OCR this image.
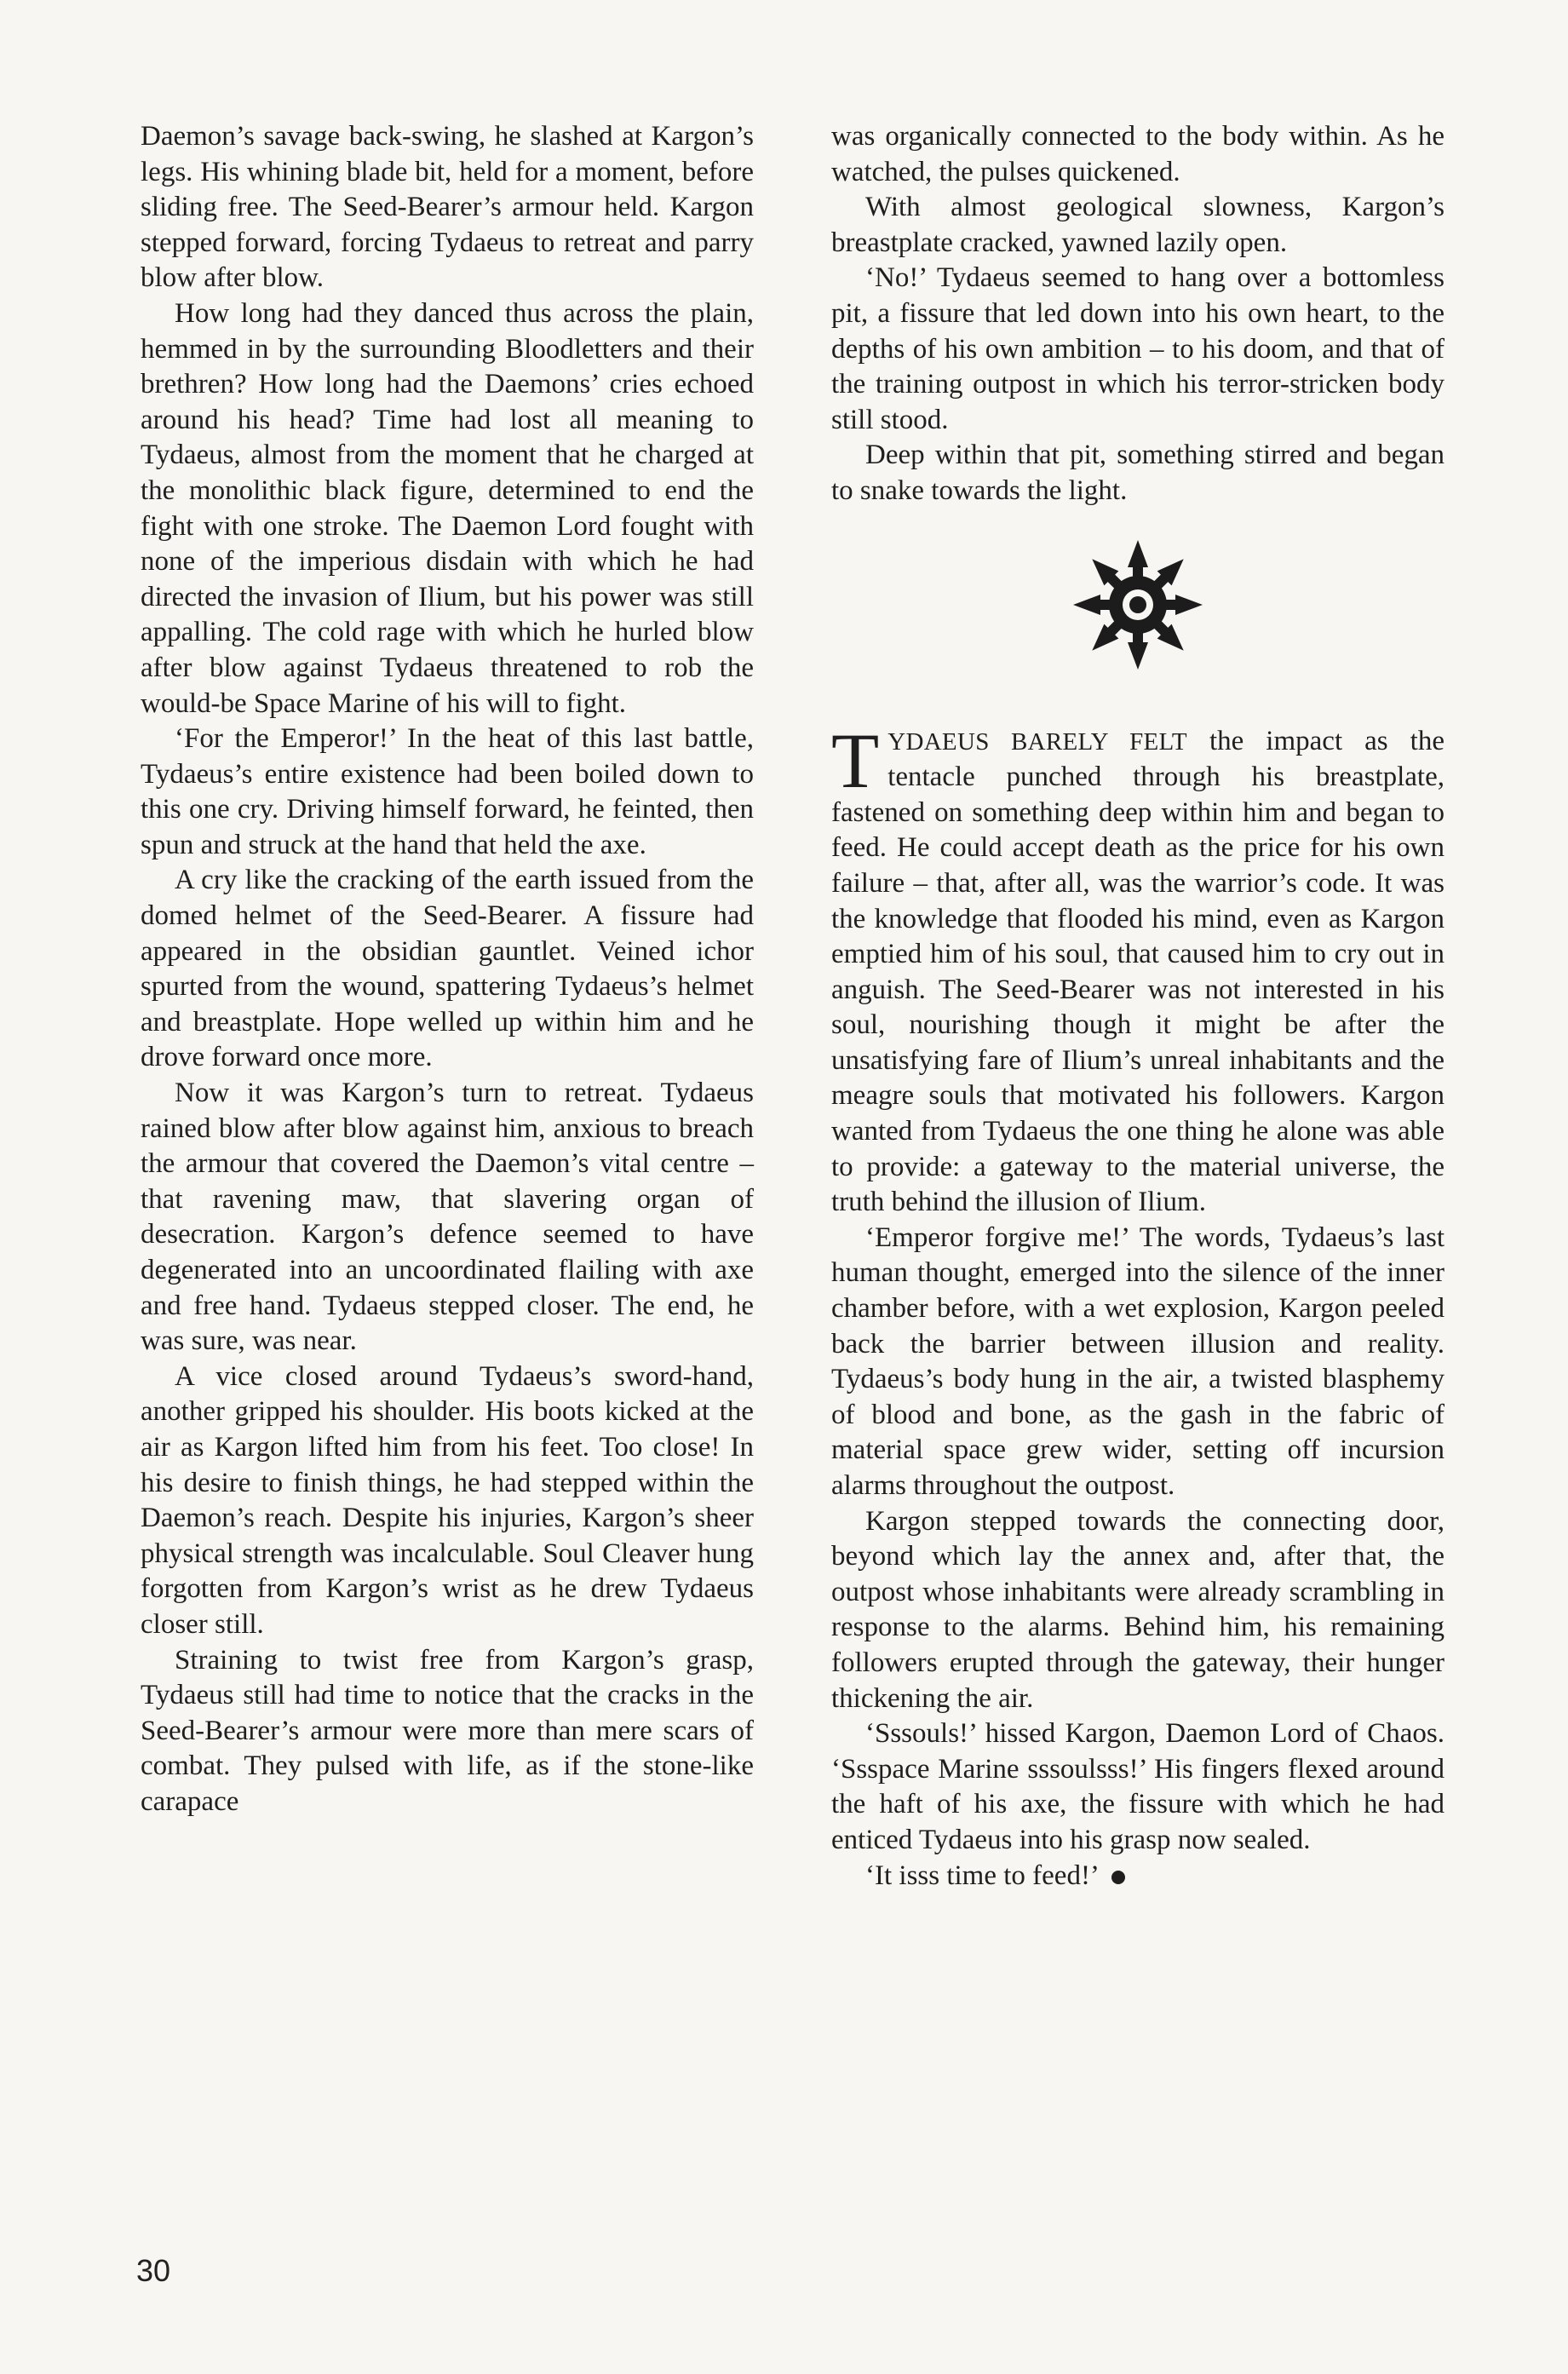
Daemon’s savage back-swing, he slashed at Kargon’s legs. His whining blade bit, held for a moment, before sliding free. The Seed-Bearer’s armour held. Kargon stepped forward, forcing Tydaeus to retreat and parry blow after blow.

How long had they danced thus across the plain, hemmed in by the surrounding Bloodletters and their brethren? How long had the Daemons’ cries echoed around his head? Time had lost all meaning to Tydaeus, almost from the moment that he charged at the monolithic black figure, determined to end the fight with one stroke. The Daemon Lord fought with none of the imperious disdain with which he had directed the invasion of Ilium, but his power was still appalling. The cold rage with which he hurled blow after blow against Tydaeus threatened to rob the would-be Space Marine of his will to fight.

‘For the Emperor!’ In the heat of this last battle, Tydaeus’s entire existence had been boiled down to this one cry. Driving himself forward, he feinted, then spun and struck at the hand that held the axe.

A cry like the cracking of the earth issued from the domed helmet of the Seed-Bearer. A fissure had appeared in the obsidian gauntlet. Veined ichor spurted from the wound, spattering Tydaeus’s helmet and breastplate. Hope welled up within him and he drove forward once more.

Now it was Kargon’s turn to retreat. Tydaeus rained blow after blow against him, anxious to breach the armour that covered the Daemon’s vital centre – that ravening maw, that slavering organ of desecration. Kargon’s defence seemed to have degenerated into an uncoordinated flailing with axe and free hand. Tydaeus stepped closer. The end, he was sure, was near.

A vice closed around Tydaeus’s sword-hand, another gripped his shoulder. His boots kicked at the air as Kargon lifted him from his feet. Too close! In his desire to finish things, he had stepped within the Daemon’s reach. Despite his injuries, Kargon’s sheer physical strength was incalculable. Soul Cleaver hung forgotten from Kargon’s wrist as he drew Tydaeus closer still.

Straining to twist free from Kargon’s grasp, Tydaeus still had time to notice that the cracks in the Seed-Bearer’s armour were more than mere scars of combat. They pulsed with life, as if the stone-like carapace

was organically connected to the body within. As he watched, the pulses quickened.

With almost geological slowness, Kargon’s breastplate cracked, yawned lazily open.

‘No!’ Tydaeus seemed to hang over a bottomless pit, a fissure that led down into his own heart, to the depths of his own ambition – to his doom, and that of the training outpost in which his terror-stricken body still stood.

Deep within that pit, something stirred and began to snake towards the light.

TYDAEUS BARELY FELT the impact as the tentacle punched through his breastplate, fastened on something deep within him and began to feed. He could accept death as the price for his own failure – that, after all, was the warrior’s code. It was the knowledge that flooded his mind, even as Kargon emptied him of his soul, that caused him to cry out in anguish. The Seed-Bearer was not interested in his soul, nourishing though it might be after the unsatisfying fare of Ilium’s unreal inhabitants and the meagre souls that motivated his followers. Kargon wanted from Tydaeus the one thing he alone was able to provide: a gateway to the material universe, the truth behind the illusion of Ilium.

‘Emperor forgive me!’ The words, Tydaeus’s last human thought, emerged into the silence of the inner chamber before, with a wet explosion, Kargon peeled back the barrier between illusion and reality. Tydaeus’s body hung in the air, a twisted blasphemy of blood and bone, as the gash in the fabric of material space grew wider, setting off incursion alarms throughout the outpost.

Kargon stepped towards the connecting door, beyond which lay the annex and, after that, the outpost whose inhabitants were already scrambling in response to the alarms. Behind him, his remaining followers erupted through the gateway, their hunger thickening the air.

‘Sssouls!’ hissed Kargon, Daemon Lord of Chaos. ‘Ssspace Marine sssoulsss!’ His fingers flexed around the haft of his axe, the fissure with which he had enticed Tydaeus into his grasp now sealed.

‘It isss time to feed!’

30
